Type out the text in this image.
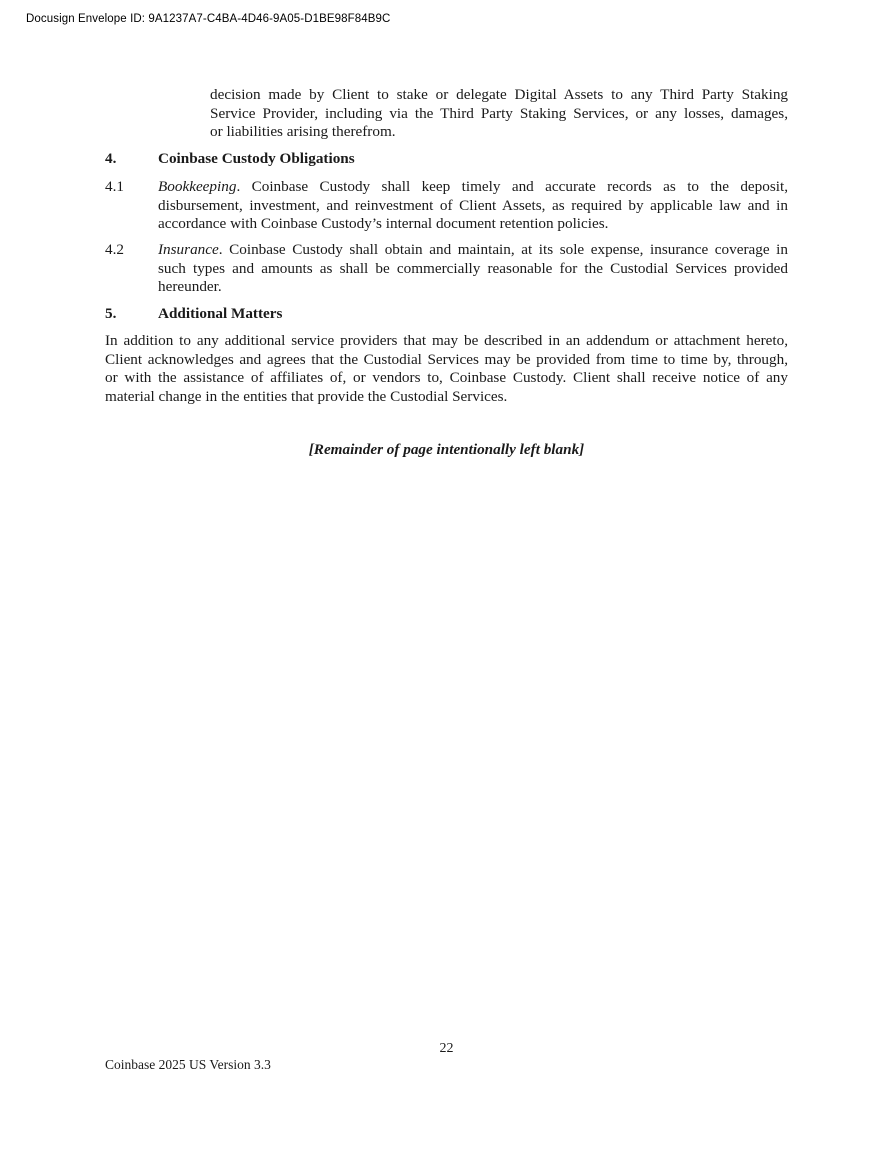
Docusign Envelope ID: 9A1237A7-C4BA-4D46-9A05-D1BE98F84B9C
decision made by Client to stake or delegate Digital Assets to any Third Party Staking
Service Provider, including via the Third Party Staking Services, or any losses, damages,
or liabilities arising therefrom.
4.	Coinbase Custody Obligations
4.1 Bookkeeping. Coinbase Custody shall keep timely and accurate records as to the deposit,
disbursement, investment, and reinvestment of Client Assets, as required by applicable law and in
accordance with Coinbase Custody’s internal document retention policies.
4.2 Insurance. Coinbase Custody shall obtain and maintain, at its sole expense, insurance coverage in
such types and amounts as shall be commercially reasonable for the Custodial Services provided
hereunder.
5.	Additional Matters
In addition to any additional service providers that may be described in an addendum or attachment hereto,
Client acknowledges and agrees that the Custodial Services may be provided from time to time by, through,
or with the assistance of affiliates of, or vendors to, Coinbase Custody. Client shall receive notice of any
material change in the entities that provide the Custodial Services.
[Remainder of page intentionally left blank]
22
Coinbase 2025 US Version 3.3
